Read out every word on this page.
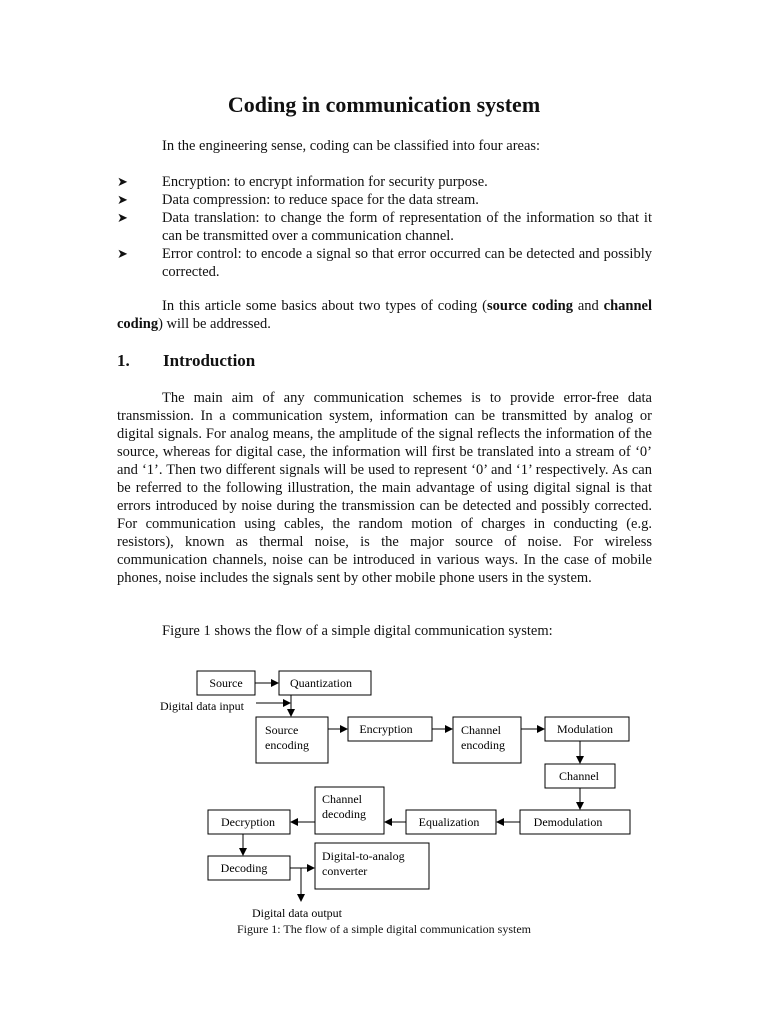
Coding in communication system

In the engineering sense, coding can be classified into four areas:

➤ Encryption: to encrypt information for security purpose.
➤ Data compression: to reduce space for the data stream.
➤ Data translation: to change the form of representation of the information so that it can be transmitted over a communication channel.
➤ Error control: to encode a signal so that error occurred can be detected and possibly corrected.

In this article some basics about two types of coding (source coding and channel coding) will be addressed.

1. Introduction

The main aim of any communication schemes is to provide error-free data transmission. In a communication system, information can be transmitted by analog or digital signals. For analog means, the amplitude of the signal reflects the information of the source, whereas for digital case, the information will first be translated into a stream of ‘0’ and ‘1’. Then two different signals will be used to represent ‘0’ and ‘1’ respectively. As can be referred to the following illustration, the main advantage of using digital signal is that errors introduced by noise during the transmission can be detected and possibly corrected. For communication using cables, the random motion of charges in conducting (e.g. resistors), known as thermal noise, is the major source of noise. For wireless communication channels, noise can be introduced in various ways. In the case of mobile phones, noise includes the signals sent by other mobile phone users in the system.

Figure 1 shows the flow of a simple digital communication system:

Source	Quantization
Digital data input
Source
encoding
Encryption	Channel
encoding
Modulation
Channel
Demodulation
Equalization
Channel
decoding
Decryption
Decoding
Digital-to-analog
converter
Digital data output

Figure 1: The flow of a simple digital communication system
